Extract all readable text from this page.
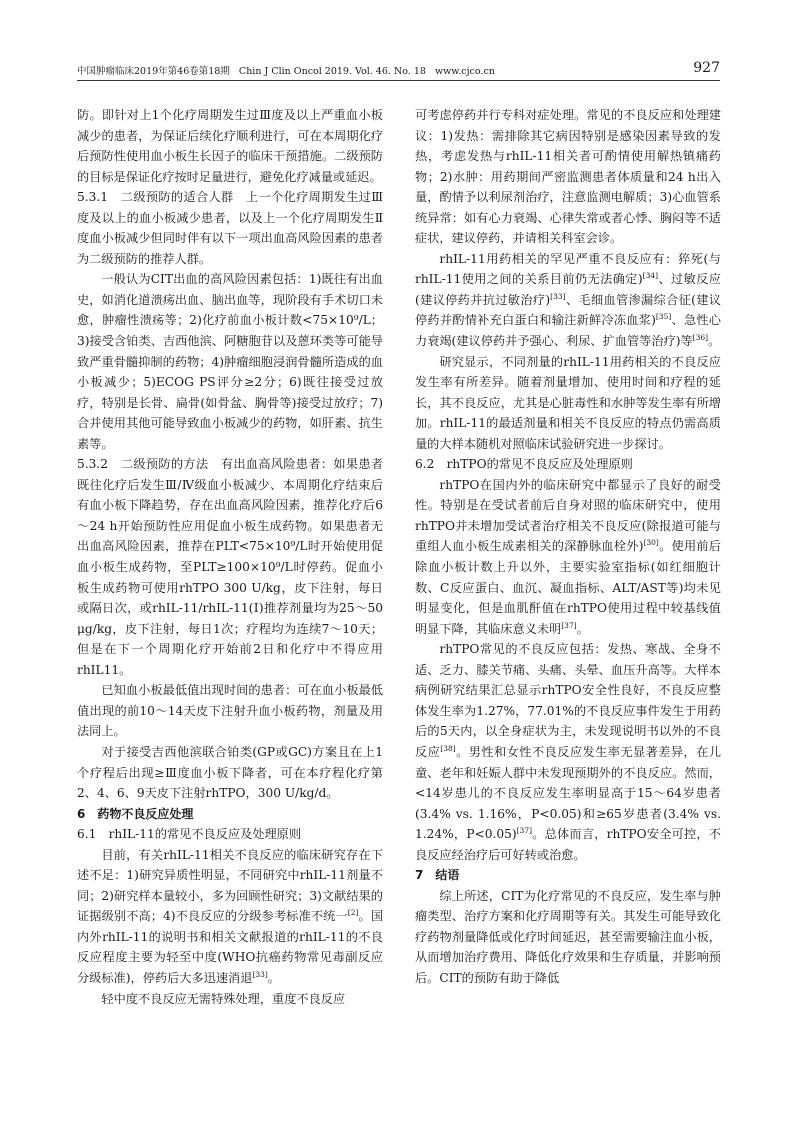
中国肿瘤临床2019年第46卷第18期 Chin J Clin Oncol 2019. Vol. 46. No. 18 www.cjco.cn	927

防。即针对上1个化疗周期发生过Ⅲ度及以上严重血小板减少的患者，为保证后续化疗顺利进行，可在本周期化疗后预防性使用血小板生长因子的临床干预措施。二级预防的目标是保证化疗按时足量进行，避免化疗减量或延迟。

5.3.1　二级预防的适合人群　上一个化疗周期发生过Ⅲ度及以上的血小板减少患者，以及上一个化疗周期发生Ⅱ度血小板减少但同时伴有以下一项出血高风险因素的患者为二级预防的推荐人群。

一般认为CIT出血的高风险因素包括：1)既往有出血史，如消化道溃疡出血、脑出血等，现阶段有手术切口未愈，肿瘤性溃疡等；2)化疗前血小板计数<75×10⁹/L；3)接受含铂类、吉西他滨、阿糖胞苷以及蒽环类等可能导致严重骨髓抑制的药物；4)肿瘤细胞浸润骨髓所造成的血小板减少；5)ECOG PS评分≥2分；6)既往接受过放疗，特别是长骨、扁骨(如骨盆、胸骨等)接受过放疗；7)合并使用其他可能导致血小板减少的药物，如肝素、抗生素等。

5.3.2　二级预防的方法　有出血高风险患者：如果患者既往化疗后发生Ⅲ/Ⅳ级血小板减少、本周期化疗结束后有血小板下降趋势，存在出血高风险因素，推荐化疗后6～24 h开始预防性应用促血小板生成药物。如果患者无出血高风险因素，推荐在PLT<75×10⁹/L时开始使用促血小板生成药物，至PLT≥100×10⁹/L时停药。促血小板生成药物可使用rhTPO 300 U/kg，皮下注射，每日或隔日次，或rhIL-11/rhIL-11(Ⅰ)推荐剂量均为25～50 μg/kg，皮下注射，每日1次；疗程均为连续7～10天；但是在下一个周期化疗开始前2日和化疗中不得应用rhIL11。

已知血小板最低值出现时间的患者：可在血小板最低值出现的前10～14天皮下注射升血小板药物，剂量及用法同上。

对于接受吉西他滨联合铂类(GP或GC)方案且在上1个疗程后出现≥Ⅲ度血小板下降者，可在本疗程化疗第2、4、6、9天皮下注射rhTPO，300 U/kg/d。

6　药物不良反应处理

6.1　rhIL-11的常见不良反应及处理原则

目前，有关rhIL-11相关不良反应的临床研究存在下述不足：1)研究异质性明显，不同研究中rhIL-11剂量不同；2)研究样本量较小，多为回顾性研究；3)文献结果的证据级别不高；4)不良反应的分级参考标准不统一[2]。国内外rhIL-11的说明书和相关文献报道的rhIL-11的不良反应程度主要为轻至中度(WHO抗癌药物常见毒副反应分级标准)，停药后大多迅速消退[33]。

轻中度不良反应无需特殊处理，重度不良反应

可考虑停药并行专科对症处理。常见的不良反应和处理建议：1)发热：需排除其它病因特别是感染因素导致的发热，考虑发热与rhIL-11相关者可酌情使用解热镇痛药物；2)水肿：用药期间严密监测患者体质量和24 h出入量，酌情予以利尿剂治疗，注意监测电解质；3)心血管系统异常：如有心力衰竭、心律失常或者心悸、胸闷等不适症状，建议停药，并请相关科室会诊。

rhIL-11用药相关的罕见严重不良反应有：猝死(与rhIL-11使用之间的关系目前仍无法确定)[34]、过敏反应(建议停药并抗过敏治疗)[33]、毛细血管渗漏综合征(建议停药并酌情补充白蛋白和输注新鲜冷冻血浆)[35]、急性心力衰竭(建议停药并予强心、利尿、扩血管等治疗)等[36]。

研究显示，不同剂量的rhIL-11用药相关的不良反应发生率有所差异。随着剂量增加、使用时间和疗程的延长，其不良反应，尤其是心脏毒性和水肿等发生率有所增加。rhIL-11的最适剂量和相关不良反应的特点仍需高质量的大样本随机对照临床试验研究进一步探讨。

6.2　rhTPO的常见不良反应及处理原则

rhTPO在国内外的临床研究中都显示了良好的耐受性。特别是在受试者前后自身对照的临床研究中，使用rhTPO并未增加受试者治疗相关不良反应(除报道可能与重组人血小板生成素相关的深静脉血栓外)[30]。使用前后除血小板计数上升以外，主要实验室指标(如红细胞计数、C反应蛋白、血沉、凝血指标、ALT/AST等)均未见明显变化，但是血肌酐值在rhTPO使用过程中较基线值明显下降，其临床意义未明[37]。

rhTPO常见的不良反应包括：发热、寒战、全身不适、乏力、膝关节痛、头痛、头晕、血压升高等。大样本病例研究结果汇总显示rhTPO安全性良好，不良反应整体发生率为1.27%，77.01%的不良反应事件发生于用药后的5天内，以全身症状为主，未发现说明书以外的不良反应[38]。男性和女性不良反应发生率无显著差异，在儿童、老年和妊娠人群中未发现预期外的不良反应。然而，<14岁患儿的不良反应发生率明显高于15～64岁患者(3.4% vs. 1.16%，P<0.05)和≥65岁患者(3.4% vs. 1.24%，P<0.05)[37]。总体而言，rhTPO安全可控，不良反应经治疗后可好转或治愈。

7　结语

综上所述，CIT为化疗常见的不良反应，发生率与肿瘤类型、治疗方案和化疗周期等有关。其发生可能导致化疗药物剂量降低或化疗时间延迟，甚至需要输注血小板，从而增加治疗费用、降低化疗效果和生存质量，并影响预后。CIT的预防有助于降低
